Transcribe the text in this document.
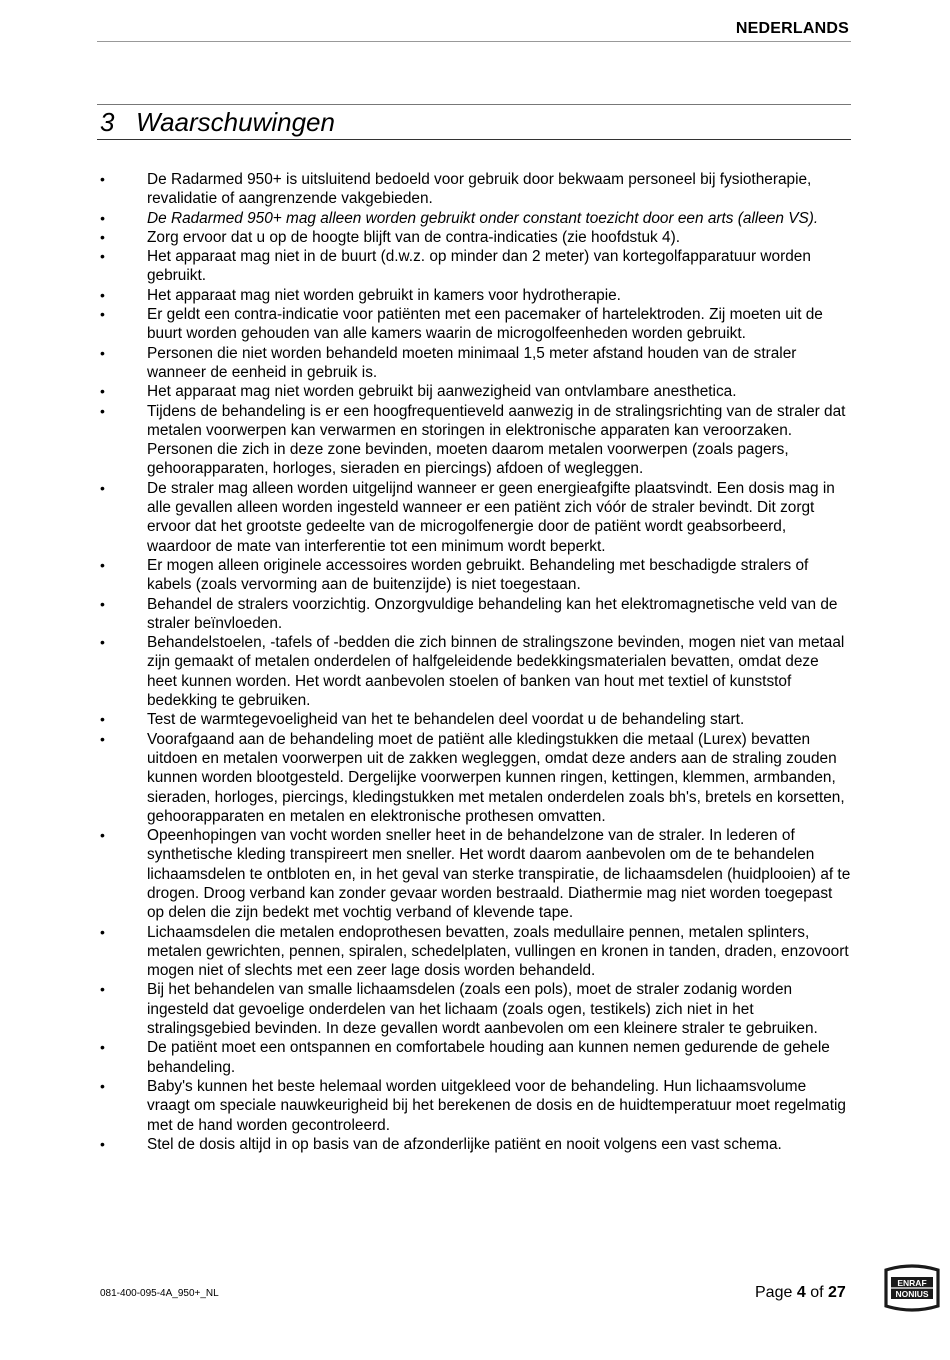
NEDERLANDS
3 Waarschuwingen
• De Radarmed 950+ is uitsluitend bedoeld voor gebruik door bekwaam personeel bij fysiotherapie, revalidatie of aangrenzende vakgebieden.
• De Radarmed 950+ mag alleen worden gebruikt onder constant toezicht door een arts (alleen VS).
• Zorg ervoor dat u op de hoogte blijft van de contra-indicaties (zie hoofdstuk 4).
• Het apparaat mag niet in de buurt (d.w.z. op minder dan 2 meter) van kortegolfapparatuur worden gebruikt.
• Het apparaat mag niet worden gebruikt in kamers voor hydrotherapie.
• Er geldt een contra-indicatie voor patiënten met een pacemaker of hartelektroden. Zij moeten uit de buurt worden gehouden van alle kamers waarin de microgolfeenheden worden gebruikt.
• Personen die niet worden behandeld moeten minimaal 1,5 meter afstand houden van de straler wanneer de eenheid in gebruik is.
• Het apparaat mag niet worden gebruikt bij aanwezigheid van ontvlambare anesthetica.
• Tijdens de behandeling is er een hoogfrequentieveld aanwezig in de stralingsrichting van de straler dat metalen voorwerpen kan verwarmen en storingen in elektronische apparaten kan veroorzaken. Personen die zich in deze zone bevinden, moeten daarom metalen voorwerpen (zoals pagers, gehoorapparaten, horloges, sieraden en piercings) afdoen of wegleggen.
• De straler mag alleen worden uitgelijnd wanneer er geen energieafgifte plaatsvindt. Een dosis mag in alle gevallen alleen worden ingesteld wanneer er een patiënt zich vóór de straler bevindt. Dit zorgt ervoor dat het grootste gedeelte van de microgolfenergie door de patiënt wordt geabsorbeerd, waardoor de mate van interferentie tot een minimum wordt beperkt.
• Er mogen alleen originele accessoires worden gebruikt. Behandeling met beschadigde stralers of kabels (zoals vervorming aan de buitenzijde) is niet toegestaan.
• Behandel de stralers voorzichtig. Onzorgvuldige behandeling kan het elektromagnetische veld van de straler beïnvloeden.
• Behandelstoelen, -tafels of -bedden die zich binnen de stralingszone bevinden, mogen niet van metaal zijn gemaakt of metalen onderdelen of halfgeleidende bedekkingsmaterialen bevatten, omdat deze heet kunnen worden. Het wordt aanbevolen stoelen of banken van hout met textiel of kunststof bedekking te gebruiken.
• Test de warmtegevoeligheid van het te behandelen deel voordat u de behandeling start.
• Voorafgaand aan de behandeling moet de patiënt alle kledingstukken die metaal (Lurex) bevatten uitdoen en metalen voorwerpen uit de zakken wegleggen, omdat deze anders aan de straling zouden kunnen worden blootgesteld. Dergelijke voorwerpen kunnen ringen, kettingen, klemmen, armbanden, sieraden, horloges, piercings, kledingstukken met metalen onderdelen zoals bh's, bretels en korsetten, gehoorapparaten en metalen en elektronische prothesen omvatten.
• Opeenhopingen van vocht worden sneller heet in de behandelzone van de straler. In lederen of synthetische kleding transpireert men sneller. Het wordt daarom aanbevolen om de te behandelen lichaamsdelen te ontbloten en, in het geval van sterke transpiratie, de lichaamsdelen (huidplooien) af te drogen. Droog verband kan zonder gevaar worden bestraald. Diathermie mag niet worden toegepast op delen die zijn bedekt met vochtig verband of klevende tape.
• Lichaamsdelen die metalen endoprothesen bevatten, zoals medullaire pennen, metalen splinters, metalen gewrichten, pennen, spiralen, schedelplaten, vullingen en kronen in tanden, draden, enzovoort mogen niet of slechts met een zeer lage dosis worden behandeld.
• Bij het behandelen van smalle lichaamsdelen (zoals een pols), moet de straler zodanig worden ingesteld dat gevoelige onderdelen van het lichaam (zoals ogen, testikels) zich niet in het stralingsgebied bevinden. In deze gevallen wordt aanbevolen om een kleinere straler te gebruiken.
• De patiënt moet een ontspannen en comfortabele houding aan kunnen nemen gedurende de gehele behandeling.
• Baby's kunnen het beste helemaal worden uitgekleed voor de behandeling. Hun lichaamsvolume vraagt om speciale nauwkeurigheid bij het berekenen de dosis en de huidtemperatuur moet regelmatig met de hand worden gecontroleerd.
• Stel de dosis altijd in op basis van de afzonderlijke patiënt en nooit volgens een vast schema.
081-400-095-4A_950+_NL	Page 4 of 27
ENRAF
NONIUS
